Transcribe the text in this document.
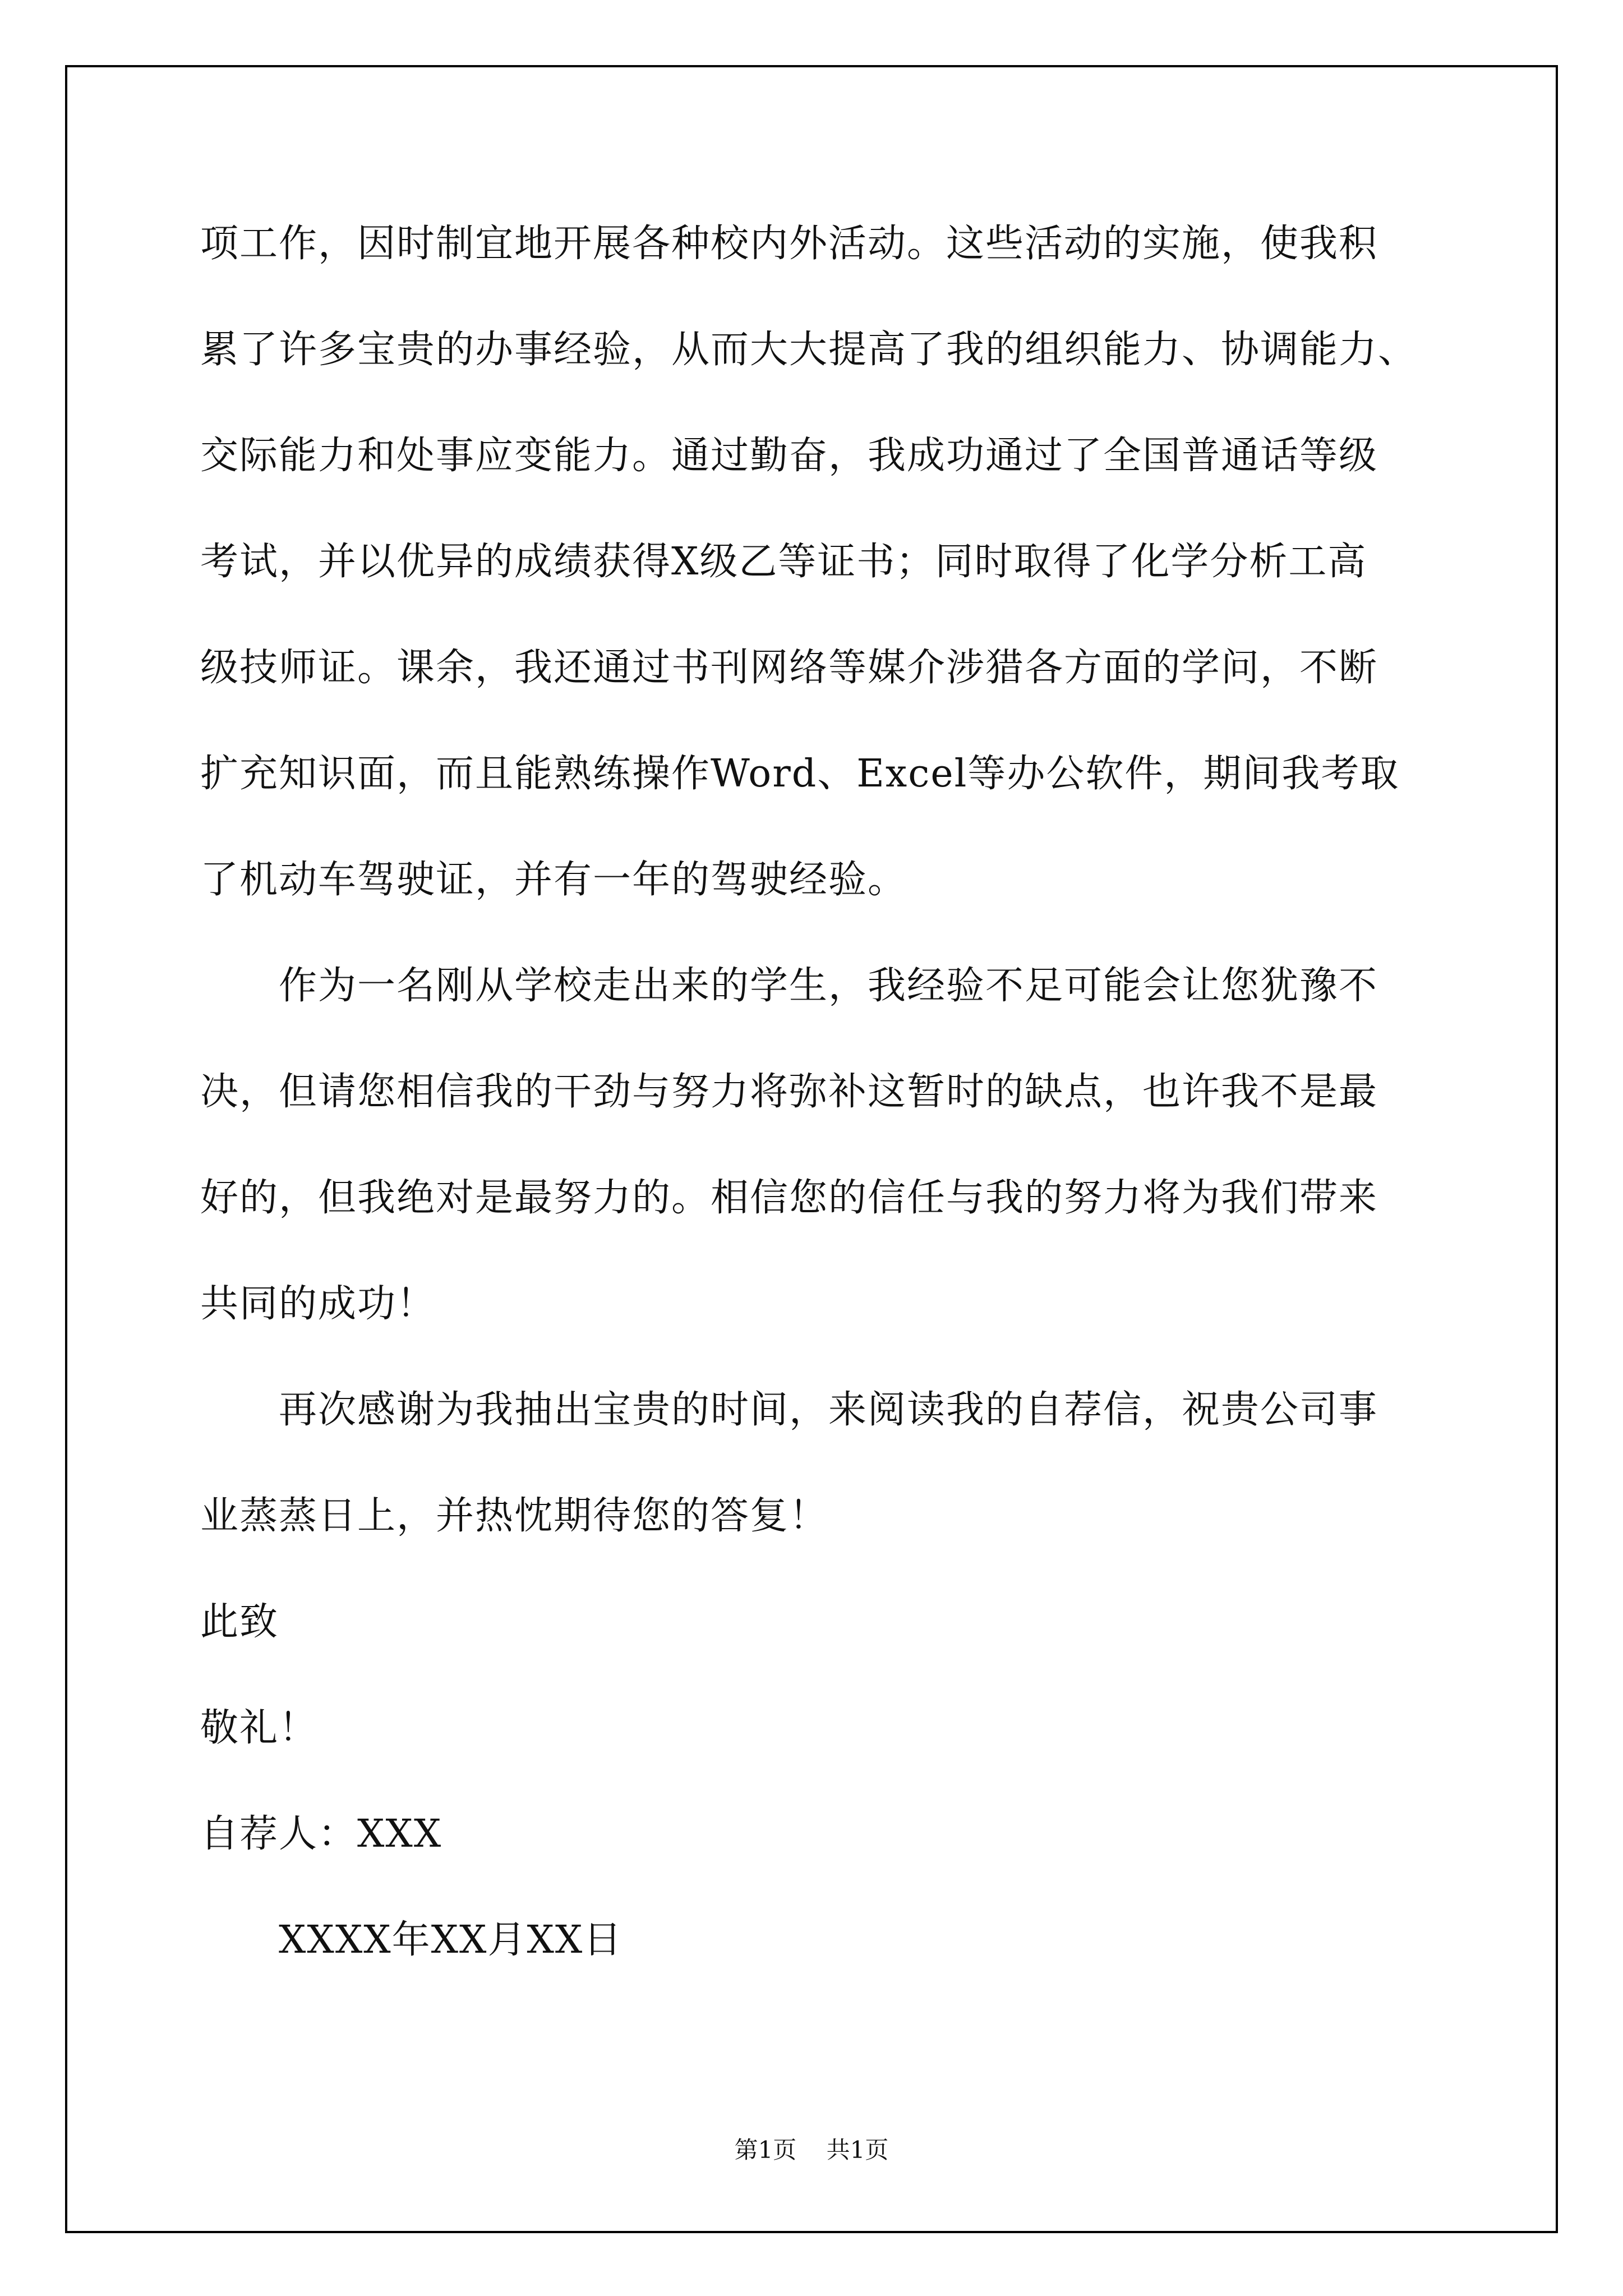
项工作，因时制宜地开展各种校内外活动。这些活动的实施，使我积
累了许多宝贵的办事经验，从而大大提高了我的组织能力、协调能力、
交际能力和处事应变能力。通过勤奋，我成功通过了全国普通话等级
考试，并以优异的成绩获得X级乙等证书；同时取得了化学分析工高
级技师证。课余，我还通过书刊网络等媒介涉猎各方面的学问，不断
扩充知识面，而且能熟练操作Word、Excel等办公软件，期间我考取
了机动车驾驶证，并有一年的驾驶经验。
作为一名刚从学校走出来的学生，我经验不足可能会让您犹豫不
决，但请您相信我的干劲与努力将弥补这暂时的缺点，也许我不是最
好的，但我绝对是最努力的。相信您的信任与我的努力将为我们带来
共同的成功！
再次感谢为我抽出宝贵的时间，来阅读我的自荐信，祝贵公司事
业蒸蒸日上，并热忱期待您的答复！
此致
敬礼！
自荐人：XXX
XXXX年XX月XX日
第1页    共1页
